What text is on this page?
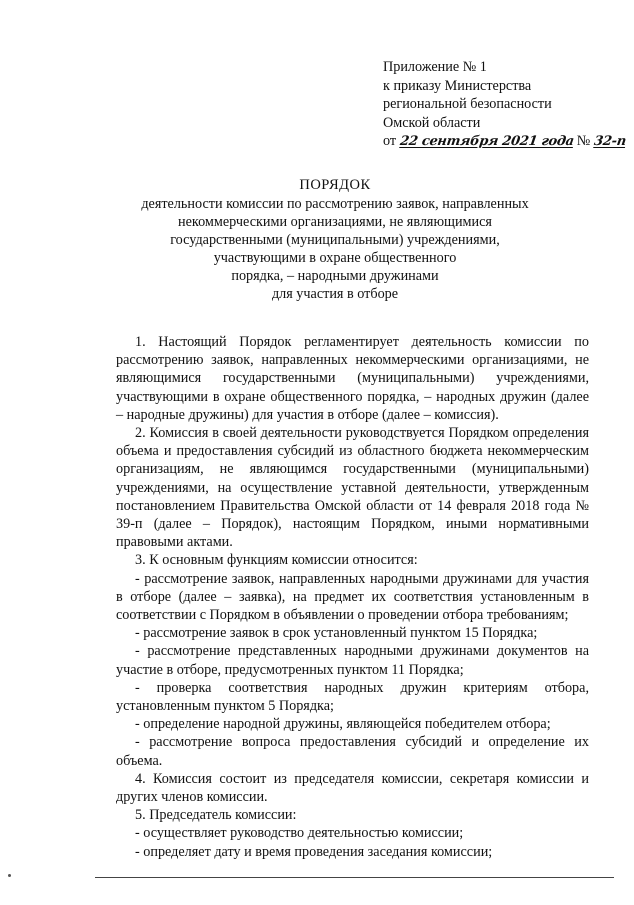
Приложение № 1
к приказу Министерства
региональной безопасности
Омской области
от 22 сентября 2021 года № 32-п
ПОРЯДОК
деятельности комиссии по рассмотрению заявок, направленных
некоммерческими организациями, не являющимися
государственными (муниципальными) учреждениями,
участвующими в охране общественного
порядка, – народными дружинами
для участия в отборе

1. Настоящий Порядок регламентирует деятельность комиссии по рассмотрению заявок, направленных некоммерческими организациями, не являющимися государственными (муниципальными) учреждениями, участвующими в охране общественного порядка, – народных дружин (далее – народные дружины) для участия в отборе (далее – комиссия).

2. Комиссия в своей деятельности руководствуется Порядком определения объема и предоставления субсидий из областного бюджета некоммерческим организациям, не являющимся государственными (муниципальными) учреждениями, на осуществление уставной деятельности, утвержденным постановлением Правительства Омской области от 14 февраля 2018 года № 39-п (далее – Порядок), настоящим Порядком, иными нормативными правовыми актами.

3. К основным функциям комиссии относится:

- рассмотрение заявок, направленных народными дружинами для участия в отборе (далее – заявка), на предмет их соответствия установленным в соответствии с Порядком в объявлении о проведении отбора требованиям;

- рассмотрение заявок в срок установленный пунктом 15 Порядка;

- рассмотрение представленных народными дружинами документов на участие в отборе, предусмотренных пунктом 11 Порядка;

- проверка соответствия народных дружин критериям отбора, установленным пунктом 5 Порядка;

- определение народной дружины, являющейся победителем отбора;

- рассмотрение вопроса предоставления субсидий и определение их объема.

4. Комиссия состоит из председателя комиссии, секретаря комиссии и других членов комиссии.

5. Председатель комиссии:

- осуществляет руководство деятельностью комиссии;

- определяет дату и время проведения заседания комиссии;
